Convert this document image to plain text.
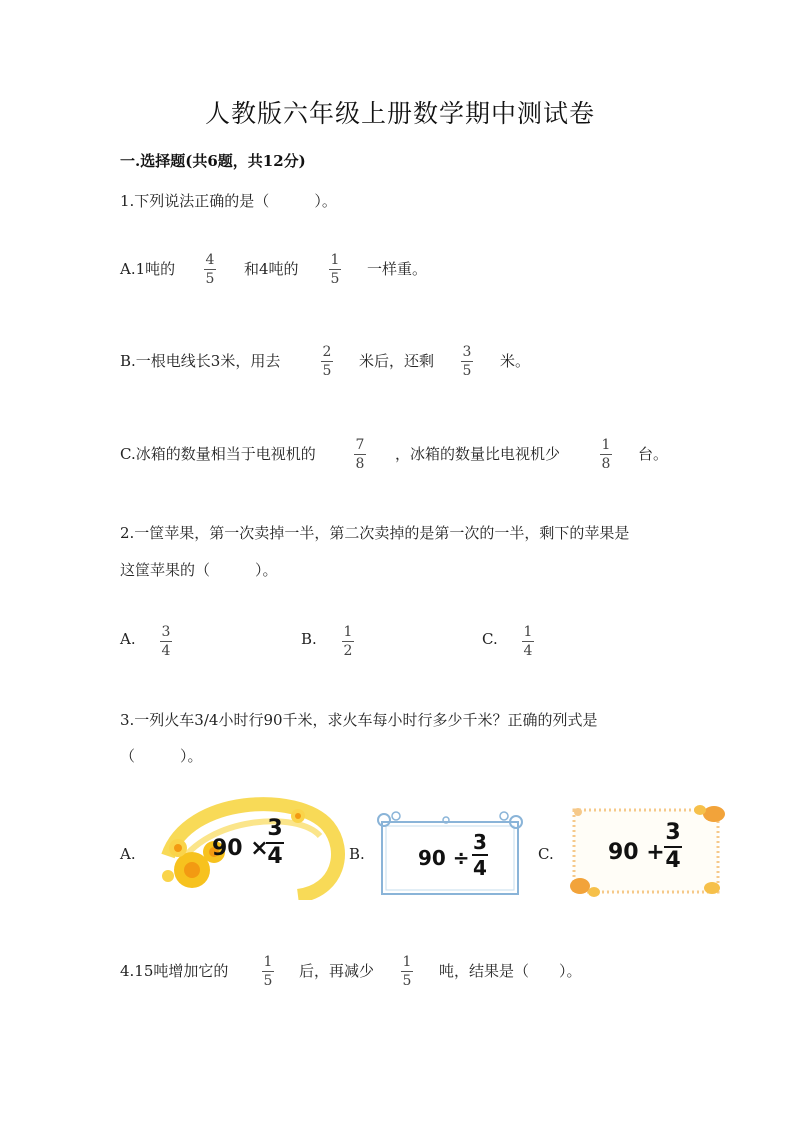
人教版六年级上册数学期中测试卷
一.选择题(共6题，共12分)
1.下列说法正确的是（　　　）。
A.1吨的 4
5
和4吨的 1
5
一样重。
B.一根电线长3米，用去	2
5
米后，还剩 3
5
米。
C.冰箱的数量相当于电视机的	7
8
，冰箱的数量比电视机少	1
8
台。
2.一筐苹果，第一次卖掉一半，第二次卖掉的是第一次的一半，剩下的苹果是
这筐苹果的（　　　）。
A. 3
4
B. 1
2
C. 1
4
3.一列火车3/4小时行90千米，求火车每小时行多少千米？正确的列式是
（　　　）。
A.	90 ×
3
4	B.	90 ÷
3
4
C. 90 +
3
4
4.15吨增加它的	1
5
后，再减少 1
5
吨，结果是（　　）。
